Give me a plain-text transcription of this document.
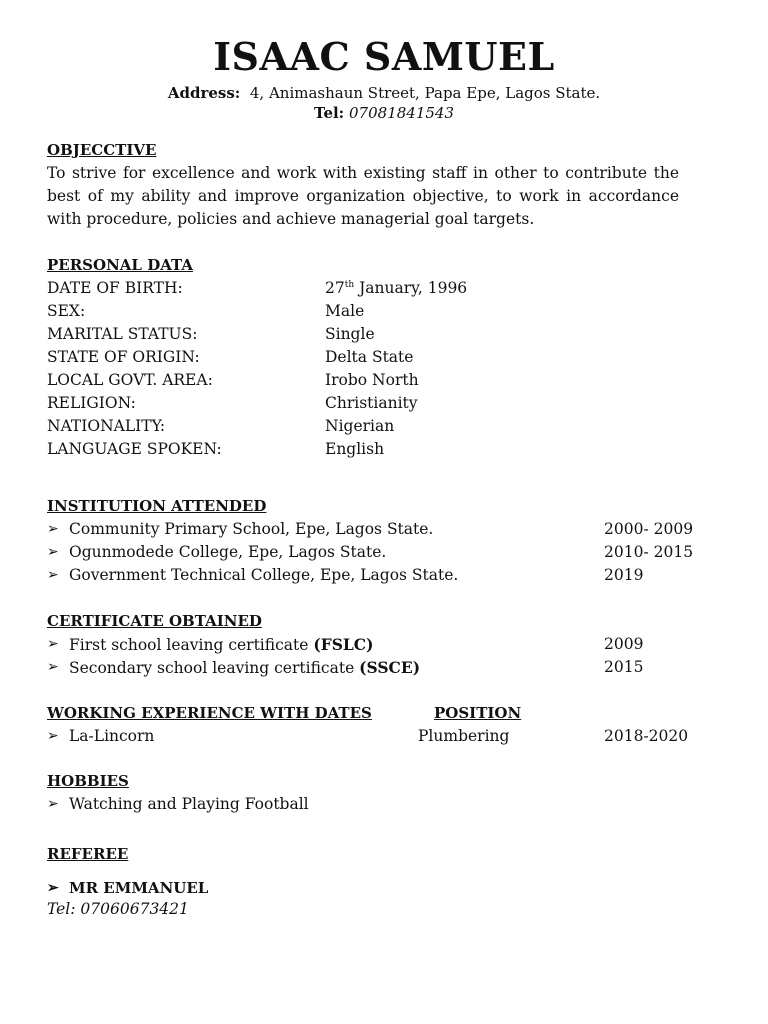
ISAAC SAMUEL
Address: 4, Animashaun Street, Papa Epe, Lagos State.
Tel: 07081841543
OBJECCTIVE
To strive for excellence and work with existing staff in other to contribute the best of my ability and improve organization objective, to work in accordance with procedure, policies and achieve managerial goal targets.
PERSONAL DATA
DATE OF BIRTH:	27th January, 1996
SEX:	Male
MARITAL STATUS:	Single
STATE OF ORIGIN:	Delta State
LOCAL GOVT. AREA:	Irobo North
RELIGION:	Christianity
NATIONALITY:	Nigerian
LANGUAGE SPOKEN:	English
INSTITUTION ATTENDED
➢ Community Primary School, Epe, Lagos State.	2000- 2009
➢ Ogunmodede College, Epe, Lagos State.	2010- 2015
➢ Government Technical College, Epe, Lagos State.	2019
CERTIFICATE OBTAINED
➢ First school leaving certificate (FSLC)	2009
➢ Secondary school leaving certificate (SSCE)	2015
WORKING EXPERIENCE WITH DATES	POSITION
➢ La-Lincorn	Plumbering	2018-2020
HOBBIES
➢ Watching and Playing Football
REFEREE
➢ MR EMMANUEL
Tel: 07060673421
